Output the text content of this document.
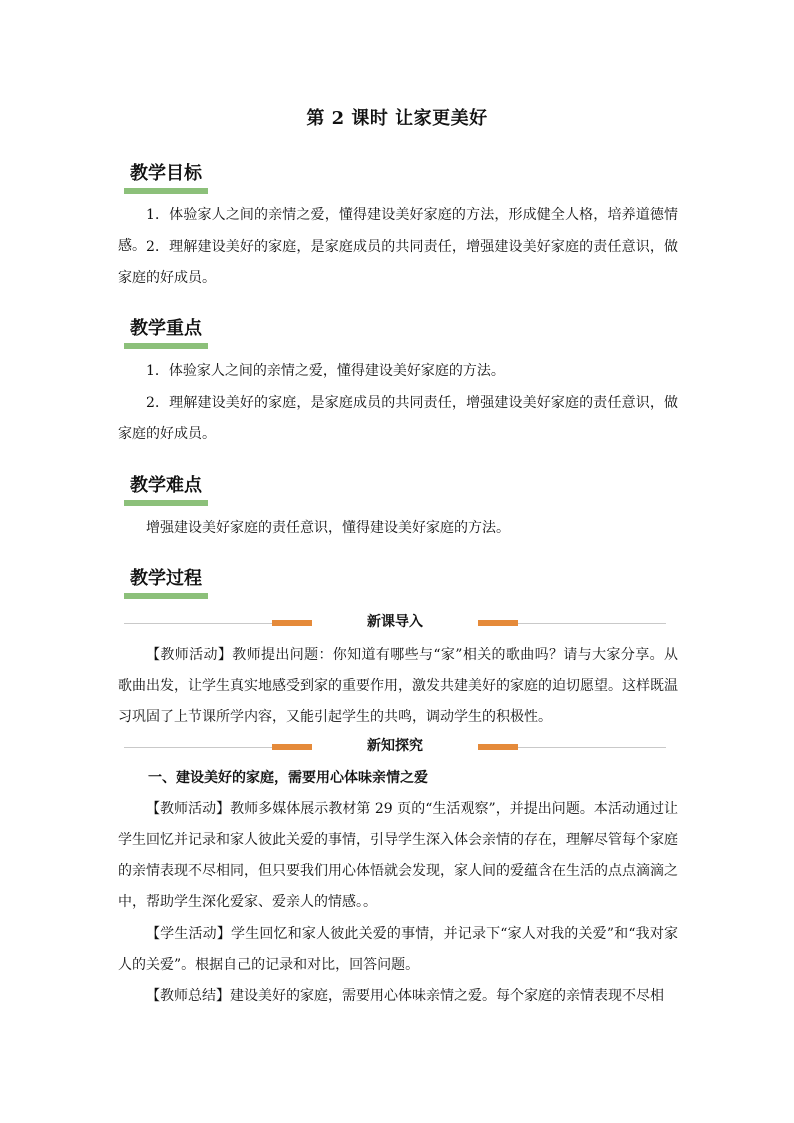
第 2 课时 让家更美好
教学目标
1．体验家人之间的亲情之爱，懂得建设美好家庭的方法，形成健全人格，培养道德情感。 2．理解建设美好的家庭，是家庭成员的共同责任，增强建设美好家庭的责任意识，做家庭的好成员。
教学重点
1．体验家人之间的亲情之爱，懂得建设美好家庭的方法。
2．理解建设美好的家庭，是家庭成员的共同责任，增强建设美好家庭的责任意识，做家庭的好成员。
教学难点
增强建设美好家庭的责任意识，懂得建设美好家庭的方法。
教学过程
新课导入
【教师活动】教师提出问题：你知道有哪些与“家”相关的歌曲吗？请与大家分享。从歌曲出发，让学生真实地感受到家的重要作用，激发共建美好的家庭的迫切愿望。这样既温习巩固了上节课所学内容，又能引起学生的共鸣，调动学生的积极性。
新知探究
一、建设美好的家庭，需要用心体味亲情之爱
【教师活动】教师多媒体展示教材第 29 页的“生活观察”，并提出问题。本活动通过让学生回忆并记录和家人彼此关爱的事情，引导学生深入体会亲情的存在，理解尽管每个家庭的亲情表现不尽相同，但只要我们用心体悟就会发现，家人间的爱蕴含在生活的点点滴滴之中，帮助学生深化爱家、爱亲人的情感。。
【学生活动】学生回忆和家人彼此关爱的事情，并记录下“家人对我的关爱”和“我对家人的关爱”。根据自己的记录和对比，回答问题。
【教师总结】建设美好的家庭，需要用心体味亲情之爱。每个家庭的亲情表现不尽相
